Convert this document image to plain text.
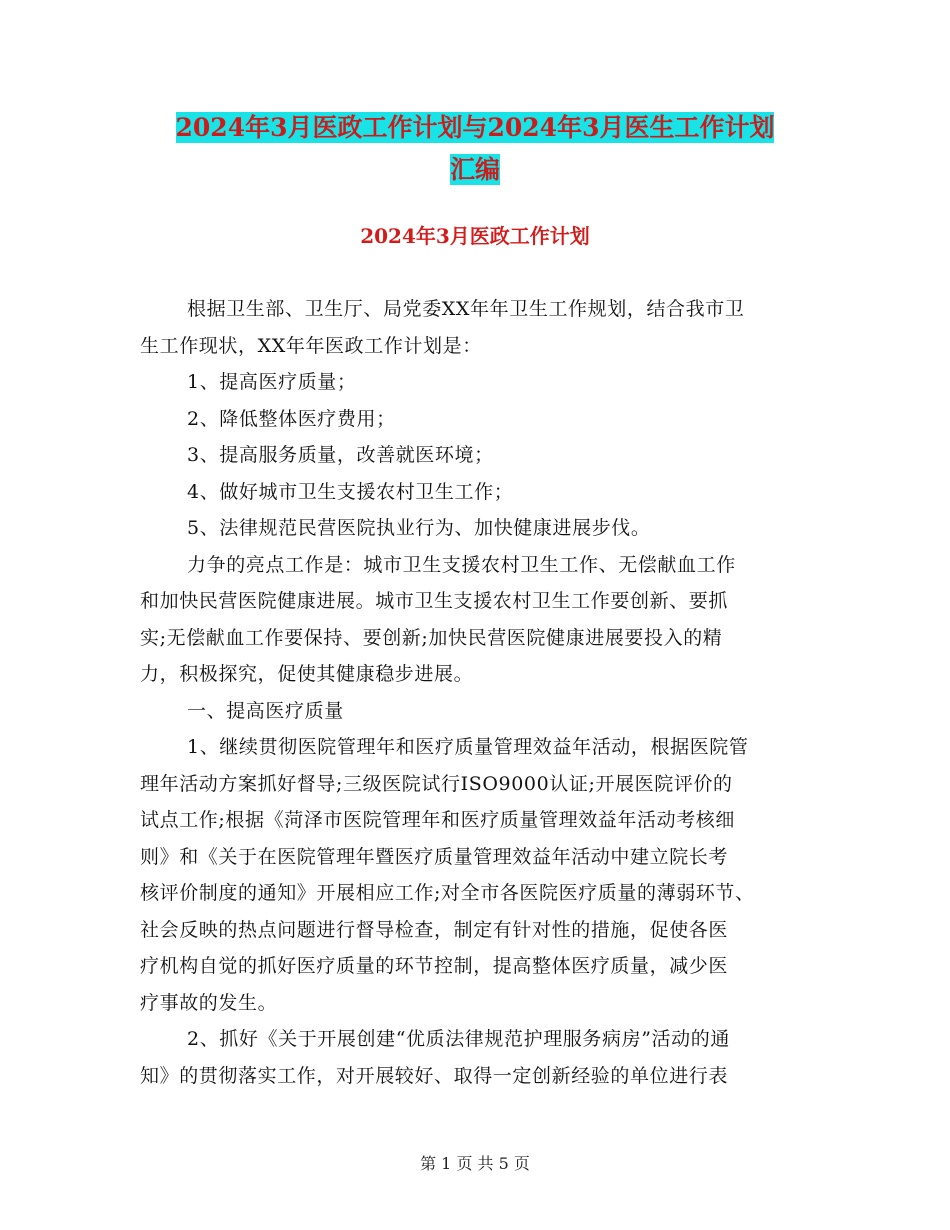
2024年3月医政工作计划与2024年3月医生工作计划
汇编
2024年3月医政工作计划
根据卫生部、卫生厅、局党委XX年年卫生工作规划，结合我市卫
生工作现状，XX年年医政工作计划是：
1、提高医疗质量；
2、降低整体医疗费用；
3、提高服务质量，改善就医环境；
4、做好城市卫生支援农村卫生工作；
5、法律规范民营医院执业行为、加快健康进展步伐。
力争的亮点工作是：城市卫生支援农村卫生工作、无偿献血工作
和加快民营医院健康进展。城市卫生支援农村卫生工作要创新、要抓
实;无偿献血工作要保持、要创新;加快民营医院健康进展要投入的精
力，积极探究，促使其健康稳步进展。
一、提高医疗质量
1、继续贯彻医院管理年和医疗质量管理效益年活动，根据医院管
理年活动方案抓好督导;三级医院试行ISO9000认证;开展医院评价的
试点工作;根据《菏泽市医院管理年和医疗质量管理效益年活动考核细
则》和《关于在医院管理年暨医疗质量管理效益年活动中建立院长考
核评价制度的通知》开展相应工作;对全市各医院医疗质量的薄弱环节、
社会反映的热点问题进行督导检查，制定有针对性的措施，促使各医
疗机构自觉的抓好医疗质量的环节控制，提高整体医疗质量，减少医
疗事故的发生。
2、抓好《关于开展创建“优质法律规范护理服务病房”活动的通
知》的贯彻落实工作，对开展较好、取得一定创新经验的单位进行表
第 1 页 共 5 页
